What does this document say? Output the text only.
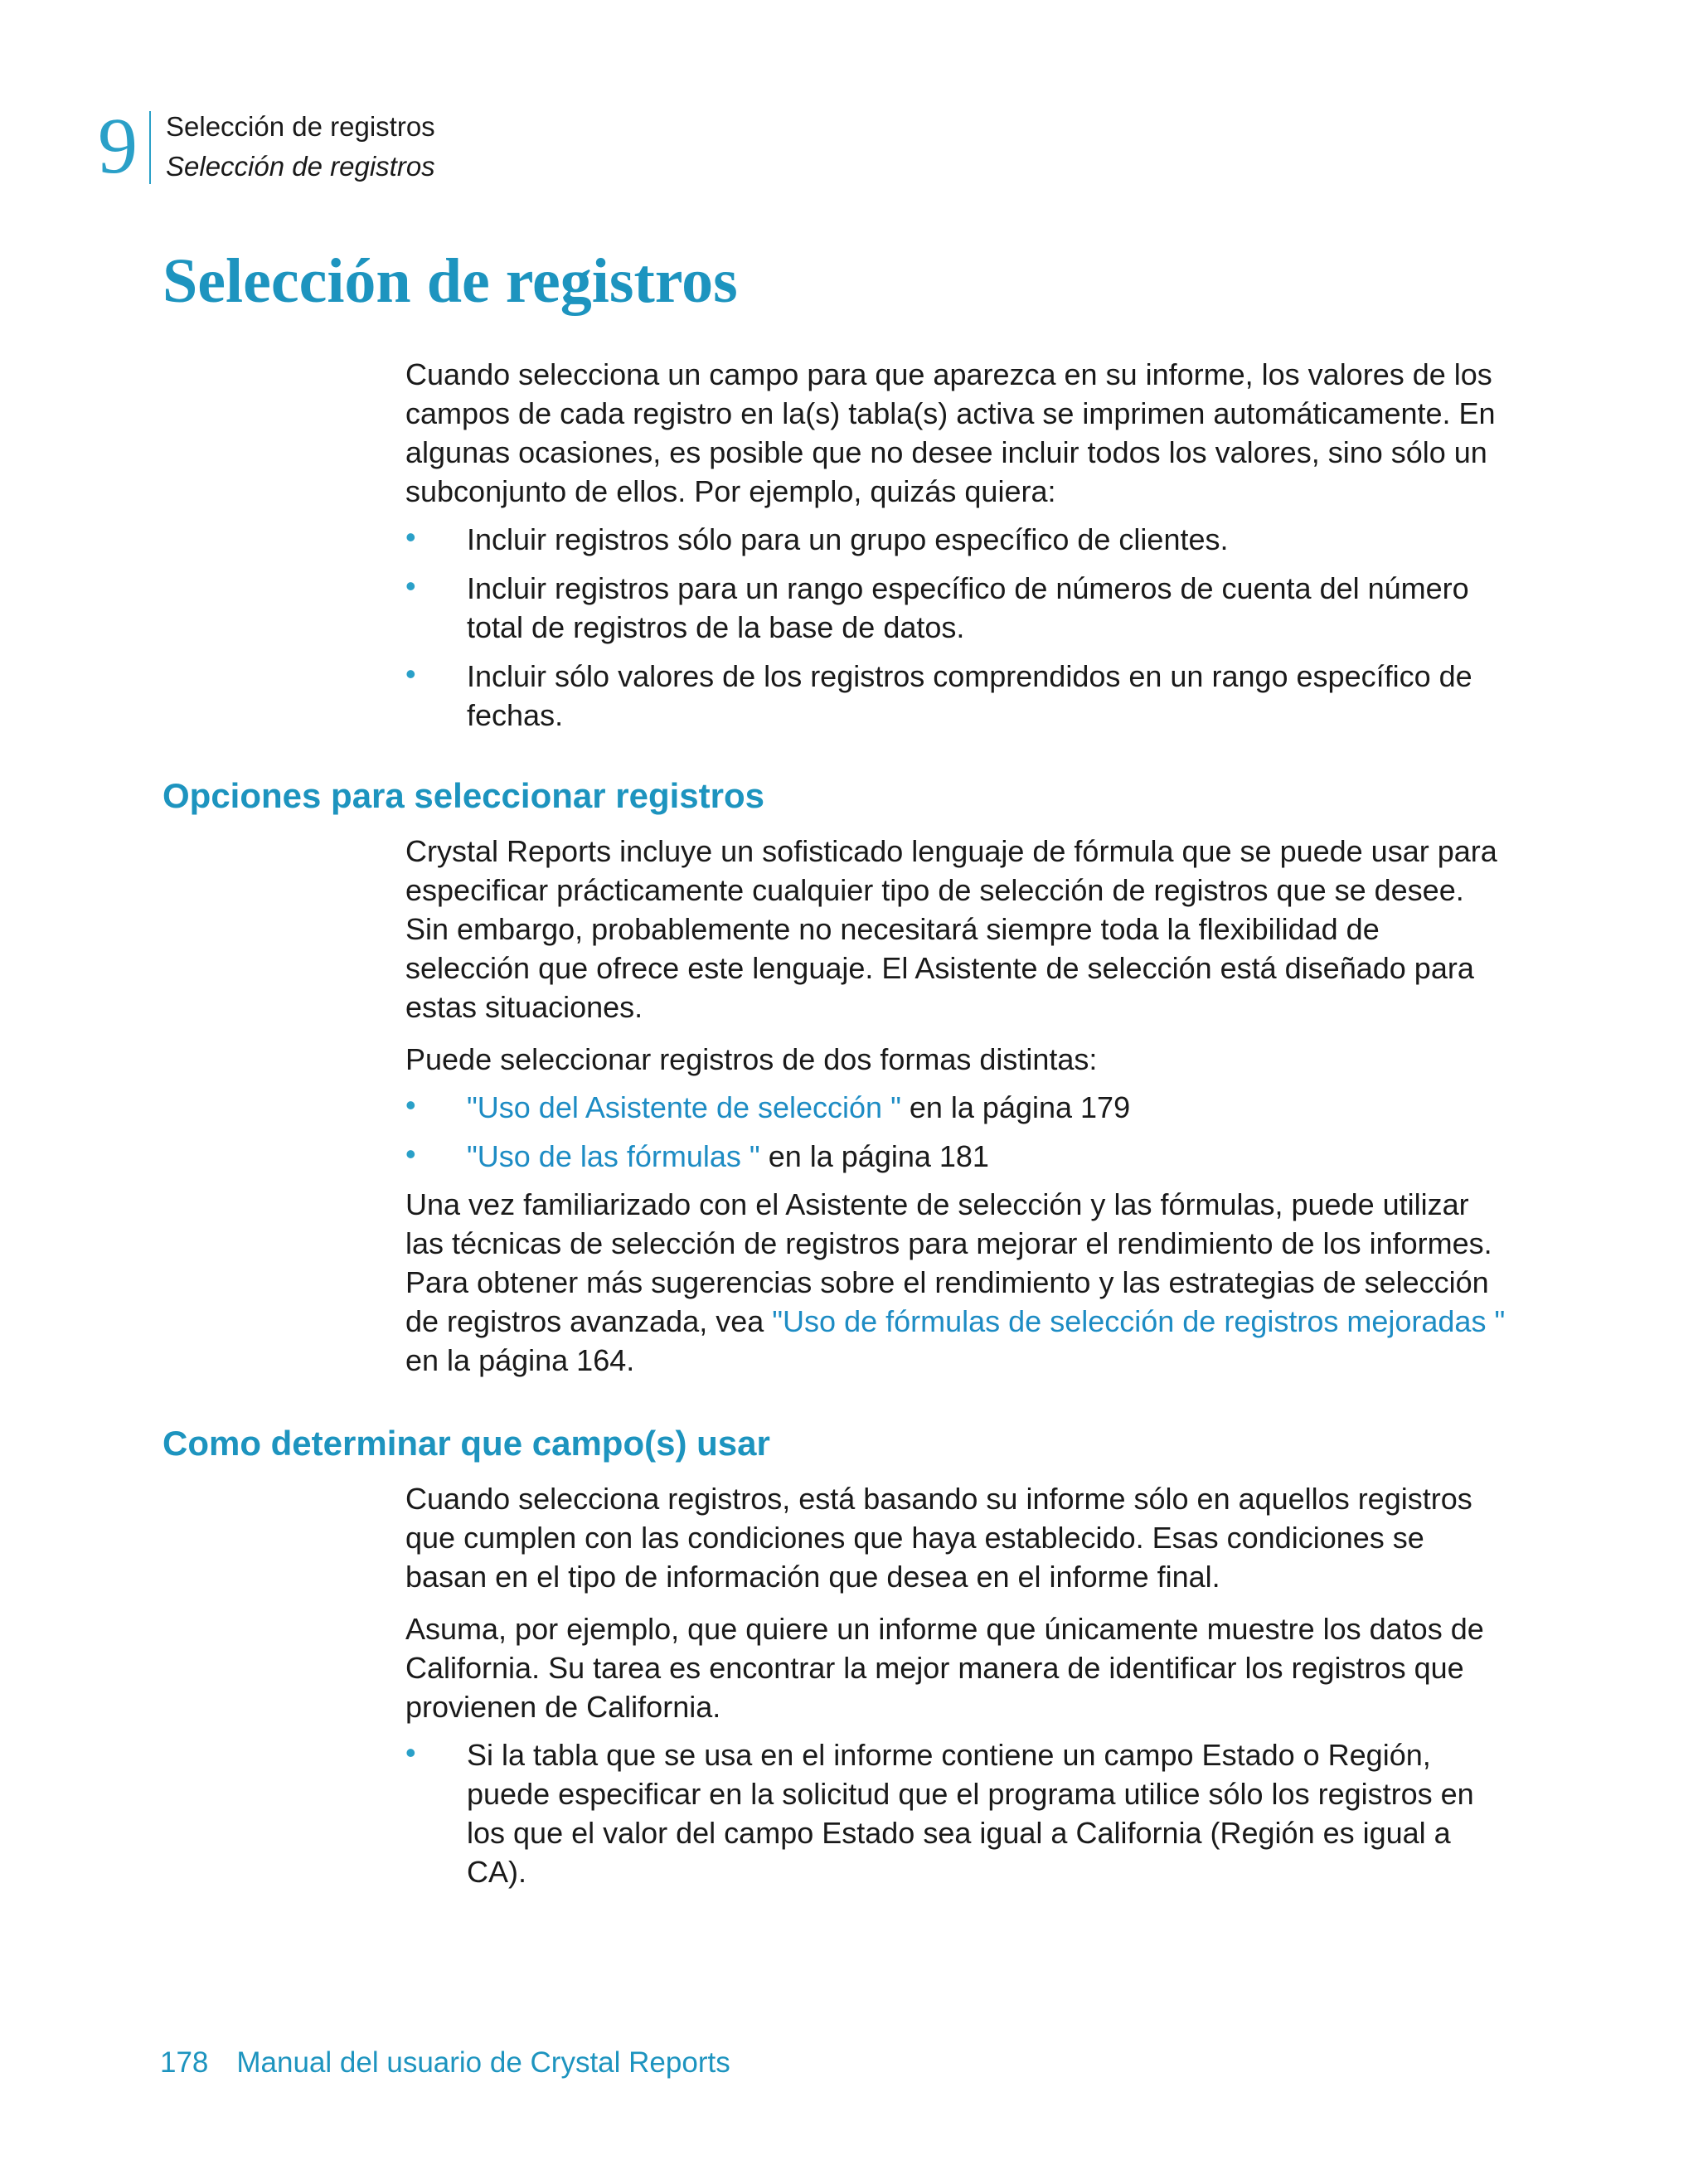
9 Selección de registros
Selección de registros
Selección de registros

Cuando selecciona un campo para que aparezca en su informe, los valores de los campos de cada registro en la(s) tabla(s) activa se imprimen automáticamente. En algunas ocasiones, es posible que no desee incluir todos los valores, sino sólo un subconjunto de ellos. Por ejemplo, quizás quiera:

• Incluir registros sólo para un grupo específico de clientes.
• Incluir registros para un rango específico de números de cuenta del número total de registros de la base de datos.
• Incluir sólo valores de los registros comprendidos en un rango específico de fechas.
Opciones para seleccionar registros

Crystal Reports incluye un sofisticado lenguaje de fórmula que se puede usar para especificar prácticamente cualquier tipo de selección de registros que se desee. Sin embargo, probablemente no necesitará siempre toda la flexibilidad de selección que ofrece este lenguaje. El Asistente de selección está diseñado para estas situaciones.

Puede seleccionar registros de dos formas distintas:

• "Uso del Asistente de selección " en la página 179
• "Uso de las fórmulas " en la página 181

Una vez familiarizado con el Asistente de selección y las fórmulas, puede utilizar las técnicas de selección de registros para mejorar el rendimiento de los informes. Para obtener más sugerencias sobre el rendimiento y las estrategias de selección de registros avanzada, vea "Uso de fórmulas de selección de registros mejoradas " en la página 164.

Como determinar que campo(s) usar

Cuando selecciona registros, está basando su informe sólo en aquellos registros que cumplen con las condiciones que haya establecido. Esas condiciones se basan en el tipo de información que desea en el informe final.

Asuma, por ejemplo, que quiere un informe que únicamente muestre los datos de California. Su tarea es encontrar la mejor manera de identificar los registros que provienen de California.

• Si la tabla que se usa en el informe contiene un campo Estado o Región, puede especificar en la solicitud que el programa utilice sólo los registros en los que el valor del campo Estado sea igual a California (Región es igual a CA).
178 Manual del usuario de Crystal Reports
